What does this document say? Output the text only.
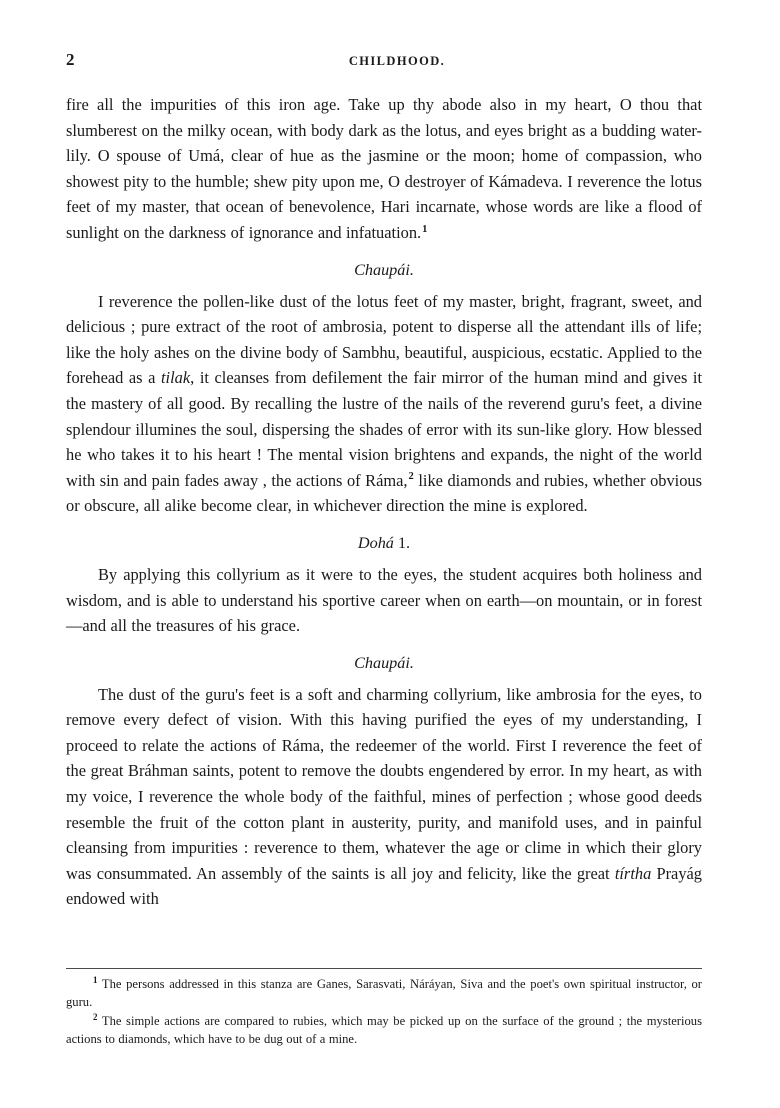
2	CHILDHOOD.

fire all the impurities of this iron age. Take up thy abode also in my heart, O thou that slumberest on the milky ocean, with body dark as the lotus, and eyes bright as a budding water-lily. O spouse of Umá, clear of hue as the jasmine or the moon; home of compassion, who showest pity to the humble; shew pity upon me, O destroyer of Kámadeva. I reverence the lotus feet of my master, that ocean of benevolence, Hari incarnate, whose words are like a flood of sunlight on the darkness of ignorance and infatuation.$^1$

Chaupái.

I reverence the pollen-like dust of the lotus feet of my master, bright, fragrant, sweet, and delicious ; pure extract of the root of ambrosia, potent to disperse all the attendant ills of life; like the holy ashes on the divine body of Sambhu, beautiful, auspicious, ecstatic. Applied to the forehead as a tilak, it cleanses from defilement the fair mirror of the human mind and gives it the mastery of all good. By recalling the lustre of the nails of the reverend guru's feet, a divine splendour illumines the soul, dispersing the shades of error with its sun-like glory. How blessed he who takes it to his heart ! The mental vision brightens and expands, the night of the world with sin and pain fades away , the actions of Ráma,$^2$ like diamonds and rubies, whether obvious or obscure, all alike become clear, in whichever direction the mine is explored.

Dohá 1.

By applying this collyrium as it were to the eyes, the student acquires both holiness and wisdom, and is able to understand his sportive career when on earth—on mountain, or in forest—and all the treasures of his grace.

Chaupái.

The dust of the guru's feet is a soft and charming collyrium, like ambrosia for the eyes, to remove every defect of vision. With this having purified the eyes of my understanding, I proceed to relate the actions of Ráma, the redeemer of the world. First I reverence the feet of the great Bráhman saints, potent to remove the doubts engendered by error. In my heart, as with my voice, I reverence the whole body of the faithful, mines of perfection ; whose good deeds resemble the fruit of the cotton plant in austerity, purity, and manifold uses, and in painful cleansing from impurities : reverence to them, whatever the age or clime in which their glory was consummated. An assembly of the saints is all joy and felicity, like the great tírtha Prayág endowed with

$^1$ The persons addressed in this stanza are Ganes, Sarasvati, Náráyan, Siva and the poet's own spiritual instructor, or guru.

$^2$ The simple actions are compared to rubies, which may be picked up on the surface of the ground ; the mysterious actions to diamonds, which have to be dug out of a mine.
